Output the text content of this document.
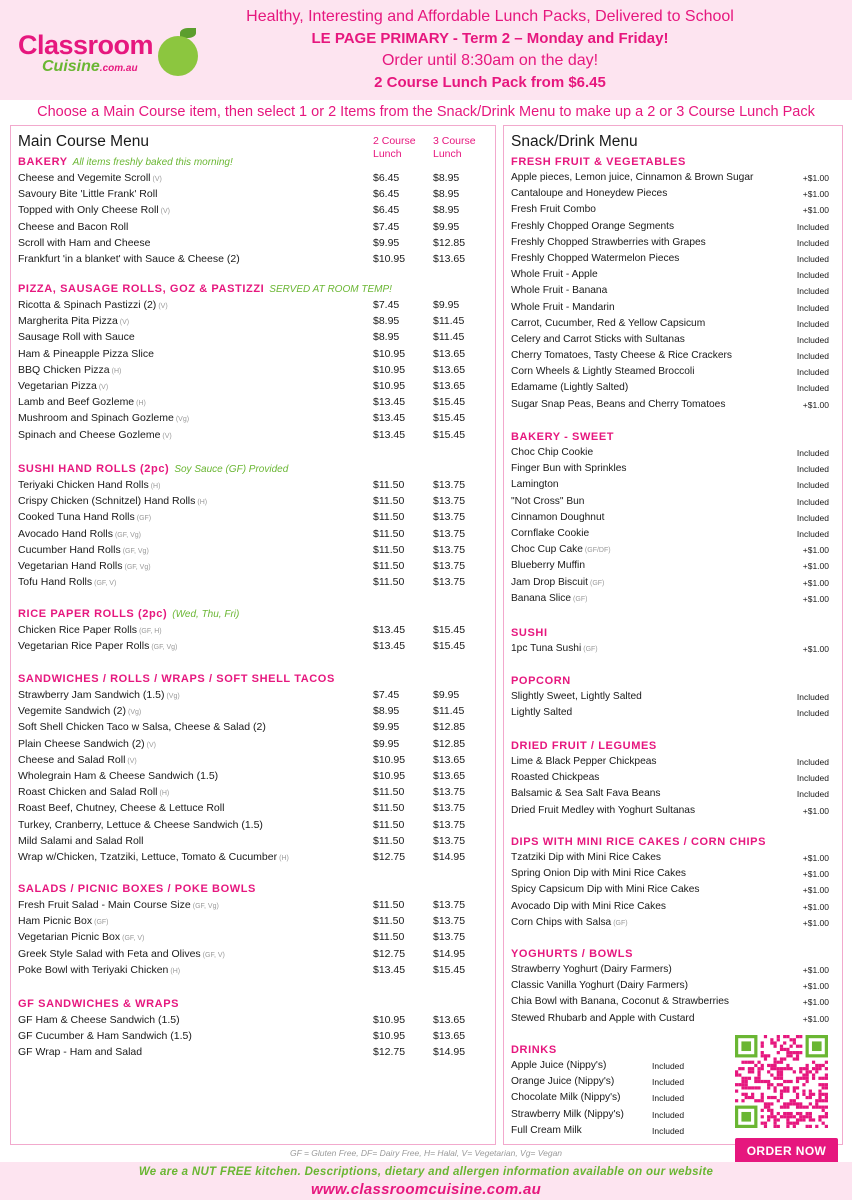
Classroom
Cuisine.com.au
Healthy, Interesting and Affordable Lunch Packs, Delivered to School
LE PAGE PRIMARY - Term 2 – Monday and Friday!
Order until 8:30am on the day!
2 Course Lunch Pack from $6.45
Choose a Main Course item, then select 1 or 2 Items from the Snack/Drink Menu to make up a 2 or 3 Course Lunch Pack
Main Course Menu	2 Course
Lunch
3 Course
Lunch
BAKERY All items freshly baked this morning!
Cheese and Vegemite Scroll (V)	$6.45	$8.95
Savoury Bite 'Little Frank' Roll	$6.45	$8.95
Topped with Only Cheese Roll (V)	$6.45	$8.95
Cheese and Bacon Roll	$7.45	$9.95
Scroll with Ham and Cheese	$9.95	$12.85
Frankfurt 'in a blanket' with Sauce & Cheese (2)	$10.95	$13.65
PIZZA, SAUSAGE ROLLS, GOZ & PASTIZZI SERVED AT ROOM TEMP!
Ricotta & Spinach Pastizzi (2) (V)	$7.45	$9.95
Margherita Pita Pizza (V)	$8.95	$11.45
Sausage Roll with Sauce	$8.95	$11.45
Ham & Pineapple Pizza Slice	$10.95	$13.65
BBQ Chicken Pizza (H)	$10.95	$13.65
Vegetarian Pizza (V)	$10.95	$13.65
Lamb and Beef Gozleme (H)	$13.45	$15.45
Mushroom and Spinach Gozleme (Vg)	$13.45	$15.45
Spinach and Cheese Gozleme (V)	$13.45	$15.45
SUSHI HAND ROLLS (2pc) Soy Sauce (GF) Provided
Teriyaki Chicken Hand Rolls (H)	$11.50	$13.75
Crispy Chicken (Schnitzel) Hand Rolls (H)	$11.50	$13.75
Cooked Tuna Hand Rolls (GF)	$11.50	$13.75
Avocado Hand Rolls (GF, Vg)	$11.50	$13.75
Cucumber Hand Rolls (GF, Vg)	$11.50	$13.75
Vegetarian Hand Rolls (GF, Vg)	$11.50	$13.75
Tofu Hand Rolls (GF, V)	$11.50	$13.75
RICE PAPER ROLLS (2pc) (Wed, Thu, Fri)
Chicken Rice Paper Rolls (GF, H)	$13.45	$15.45
Vegetarian Rice Paper Rolls (GF, Vg)	$13.45	$15.45
SANDWICHES / ROLLS / WRAPS / SOFT SHELL TACOS
Strawberry Jam Sandwich (1.5) (Vg)	$7.45	$9.95
Vegemite Sandwich (2) (Vg)	$8.95	$11.45
Soft Shell Chicken Taco w Salsa, Cheese & Salad (2)	$9.95	$12.85
Plain Cheese Sandwich (2) (V)	$9.95	$12.85
Cheese and Salad Roll (V)	$10.95	$13.65
Wholegrain Ham & Cheese Sandwich (1.5)	$10.95	$13.65
Roast Chicken and Salad Roll (H)	$11.50	$13.75
Roast Beef, Chutney, Cheese & Lettuce Roll	$11.50	$13.75
Turkey, Cranberry, Lettuce & Cheese Sandwich (1.5)	$11.50	$13.75
Mild Salami and Salad Roll	$11.50	$13.75
Wrap w/Chicken, Tzatziki, Lettuce, Tomato & Cucumber (H)	$12.75	$14.95
SALADS / PICNIC BOXES / POKE BOWLS
Fresh Fruit Salad - Main Course Size (GF, Vg)	$11.50	$13.75
Ham Picnic Box (GF)	$11.50	$13.75
Vegetarian Picnic Box (GF, V)	$11.50	$13.75
Greek Style Salad with Feta and Olives (GF, V)	$12.75	$14.95
Poke Bowl with Teriyaki Chicken (H)	$13.45	$15.45
GF SANDWICHES & WRAPS
GF Ham & Cheese Sandwich (1.5)	$10.95	$13.65
GF Cucumber & Ham Sandwich (1.5)	$10.95	$13.65
GF Wrap - Ham and Salad	$12.75	$14.95
Snack/Drink Menu
FRESH FRUIT & VEGETABLES
Apple pieces, Lemon juice, Cinnamon & Brown Sugar	+$1.00
Cantaloupe and Honeydew Pieces	+$1.00
Fresh Fruit Combo	+$1.00
Freshly Chopped Orange Segments	Included
Freshly Chopped Strawberries with Grapes	Included
Freshly Chopped Watermelon Pieces	Included
Whole Fruit - Apple	Included
Whole Fruit - Banana	Included
Whole Fruit - Mandarin	Included
Carrot, Cucumber, Red & Yellow Capsicum	Included
Celery and Carrot Sticks with Sultanas	Included
Cherry Tomatoes, Tasty Cheese & Rice Crackers	Included
Corn Wheels & Lightly Steamed Broccoli	Included
Edamame (Lightly Salted)	Included
Sugar Snap Peas, Beans and Cherry Tomatoes	+$1.00
BAKERY - SWEET
Choc Chip Cookie	Included
Finger Bun with Sprinkles	Included
Lamington	Included
"Not Cross" Bun	Included
Cinnamon Doughnut	Included
Cornflake Cookie	Included
Choc Cup Cake (GF/DF)	+$1.00
Blueberry Muffin	+$1.00
Jam Drop Biscuit (GF)	+$1.00
Banana Slice (GF)	+$1.00
SUSHI
1pc Tuna Sushi (GF)	+$1.00
POPCORN
Slightly Sweet, Lightly Salted	Included
Lightly Salted	Included
DRIED FRUIT / LEGUMES
Lime & Black Pepper Chickpeas	Included
Roasted Chickpeas	Included
Balsamic & Sea Salt Fava Beans	Included
Dried Fruit Medley with Yoghurt Sultanas	+$1.00
DIPS WITH MINI RICE CAKES / CORN CHIPS
Tzatziki Dip with Mini Rice Cakes	+$1.00
Spring Onion Dip with Mini Rice Cakes	+$1.00
Spicy Capsicum Dip with Mini Rice Cakes	+$1.00
Avocado Dip with Mini Rice Cakes	+$1.00
Corn Chips with Salsa (GF)	+$1.00
YOGHURTS / BOWLS
Strawberry Yoghurt (Dairy Farmers)	+$1.00
Classic Vanilla Yoghurt (Dairy Farmers)	+$1.00
Chia Bowl with Banana, Coconut & Strawberries	+$1.00
Stewed Rhubarb and Apple with Custard	+$1.00
DRINKS
Apple Juice (Nippy's)	Included
Orange Juice (Nippy's)	Included
Chocolate Milk (Nippy's)	Included
Strawberry Milk (Nippy's)	Included
Full Cream Milk	Included
ORDER NOW
GF = Gluten Free, DF= Dairy Free, H= Halal, V= Vegetarian, Vg= Vegan
We are a NUT FREE kitchen. Descriptions, dietary and allergen information available on our website
www.classroomcuisine.com.au
